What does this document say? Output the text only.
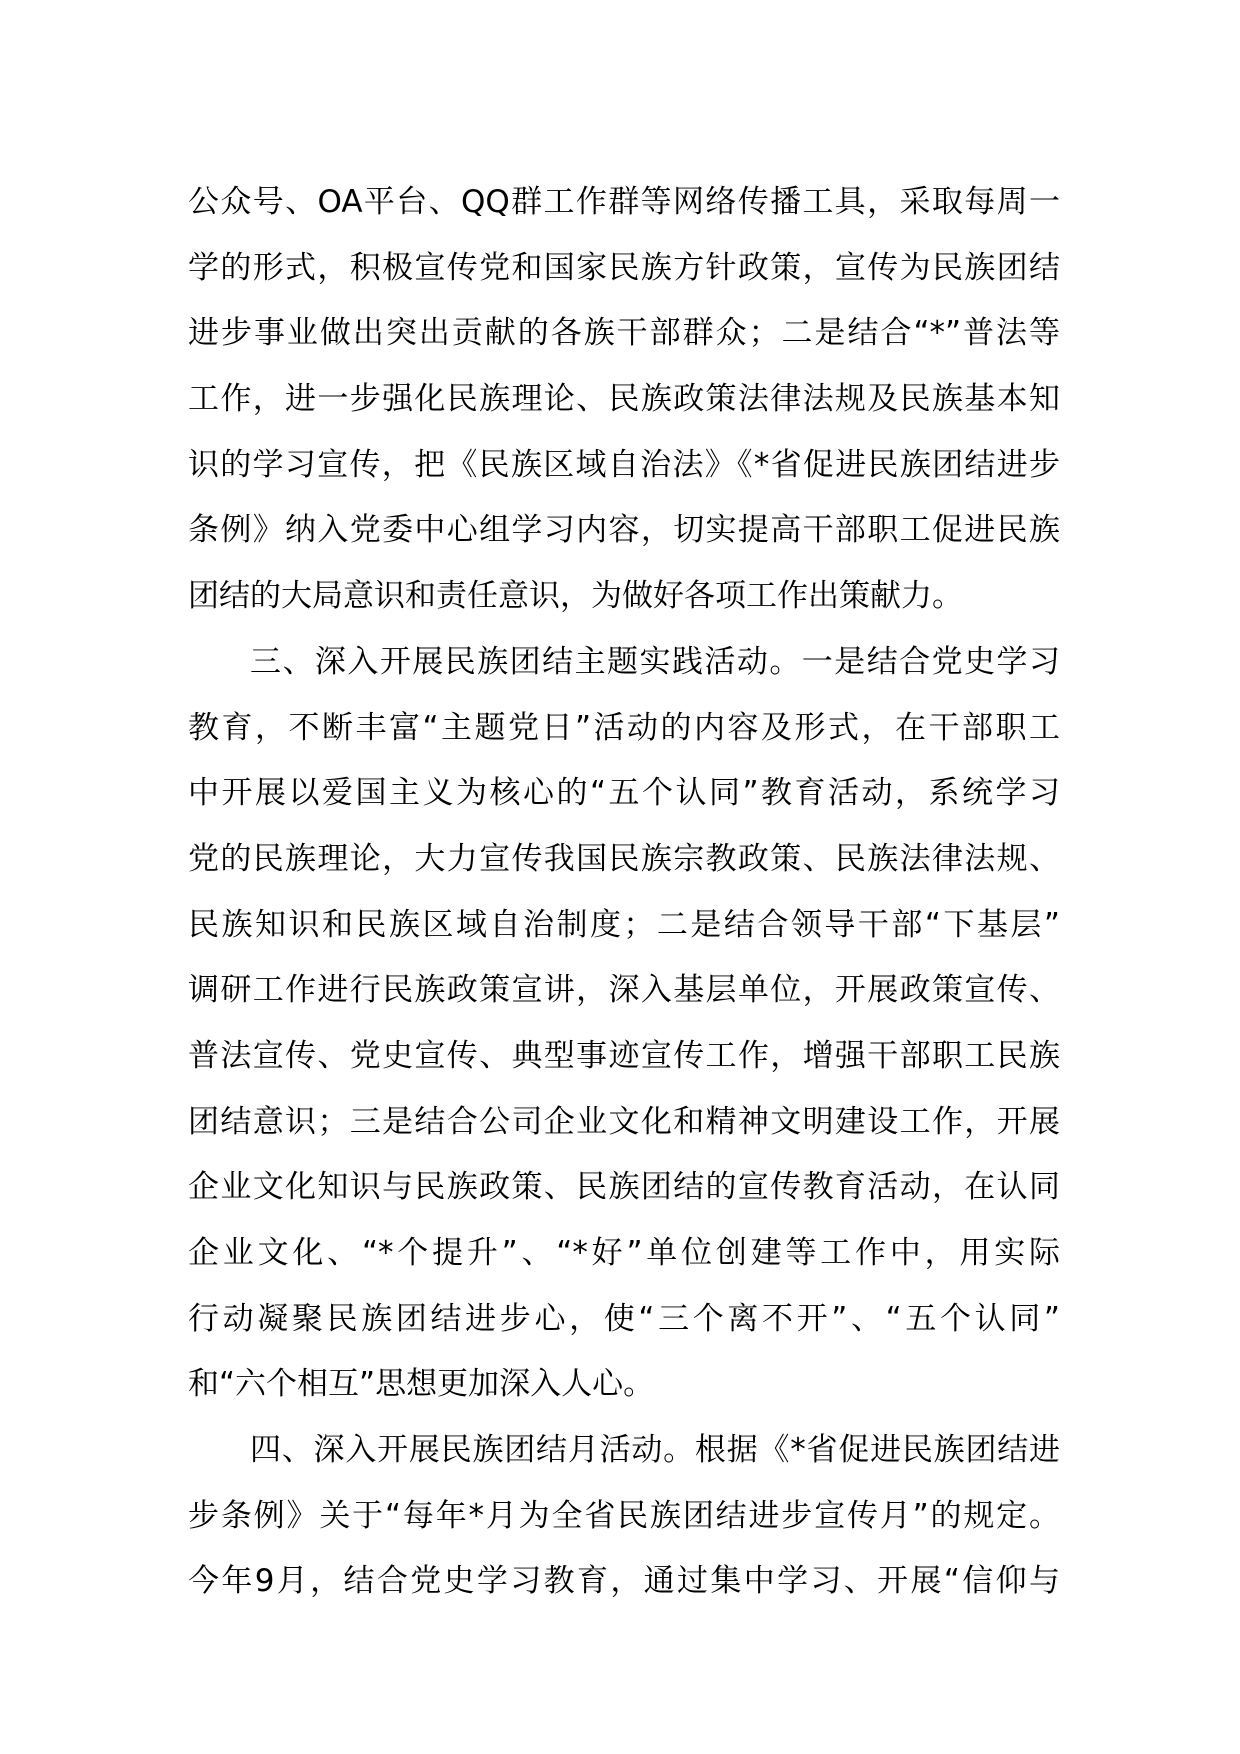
公众号、OA平台、QQ群工作群等网络传播工具，采取每周一
学的形式，积极宣传党和国家民族方针政策，宣传为民族团结
进步事业做出突出贡献的各族干部群众；二是结合“*”普法等
工作，进一步强化民族理论、民族政策法律法规及民族基本知
识的学习宣传，把《民族区域自治法》《*省促进民族团结进步
条例》纳入党委中心组学习内容，切实提高干部职工促进民族
团结的大局意识和责任意识，为做好各项工作出策献力。
三、深入开展民族团结主题实践活动。一是结合党史学习
教育，不断丰富“主题党日”活动的内容及形式，在干部职工
中开展以爱国主义为核心的“五个认同”教育活动，系统学习
党的民族理论，大力宣传我国民族宗教政策、民族法律法规、
民族知识和民族区域自治制度；二是结合领导干部“下基层”
调研工作进行民族政策宣讲，深入基层单位，开展政策宣传、
普法宣传、党史宣传、典型事迹宣传工作，增强干部职工民族
团结意识；三是结合公司企业文化和精神文明建设工作，开展
企业文化知识与民族政策、民族团结的宣传教育活动，在认同
企业文化、“*个提升”、“*好”单位创建等工作中，用实际
行动凝聚民族团结进步心，使“三个离不开”、“五个认同”
和“六个相互”思想更加深入人心。
四、深入开展民族团结月活动。根据《*省促进民族团结进
步条例》关于“每年*月为全省民族团结进步宣传月”的规定。
今年9月，结合党史学习教育，通过集中学习、开展“信仰与
